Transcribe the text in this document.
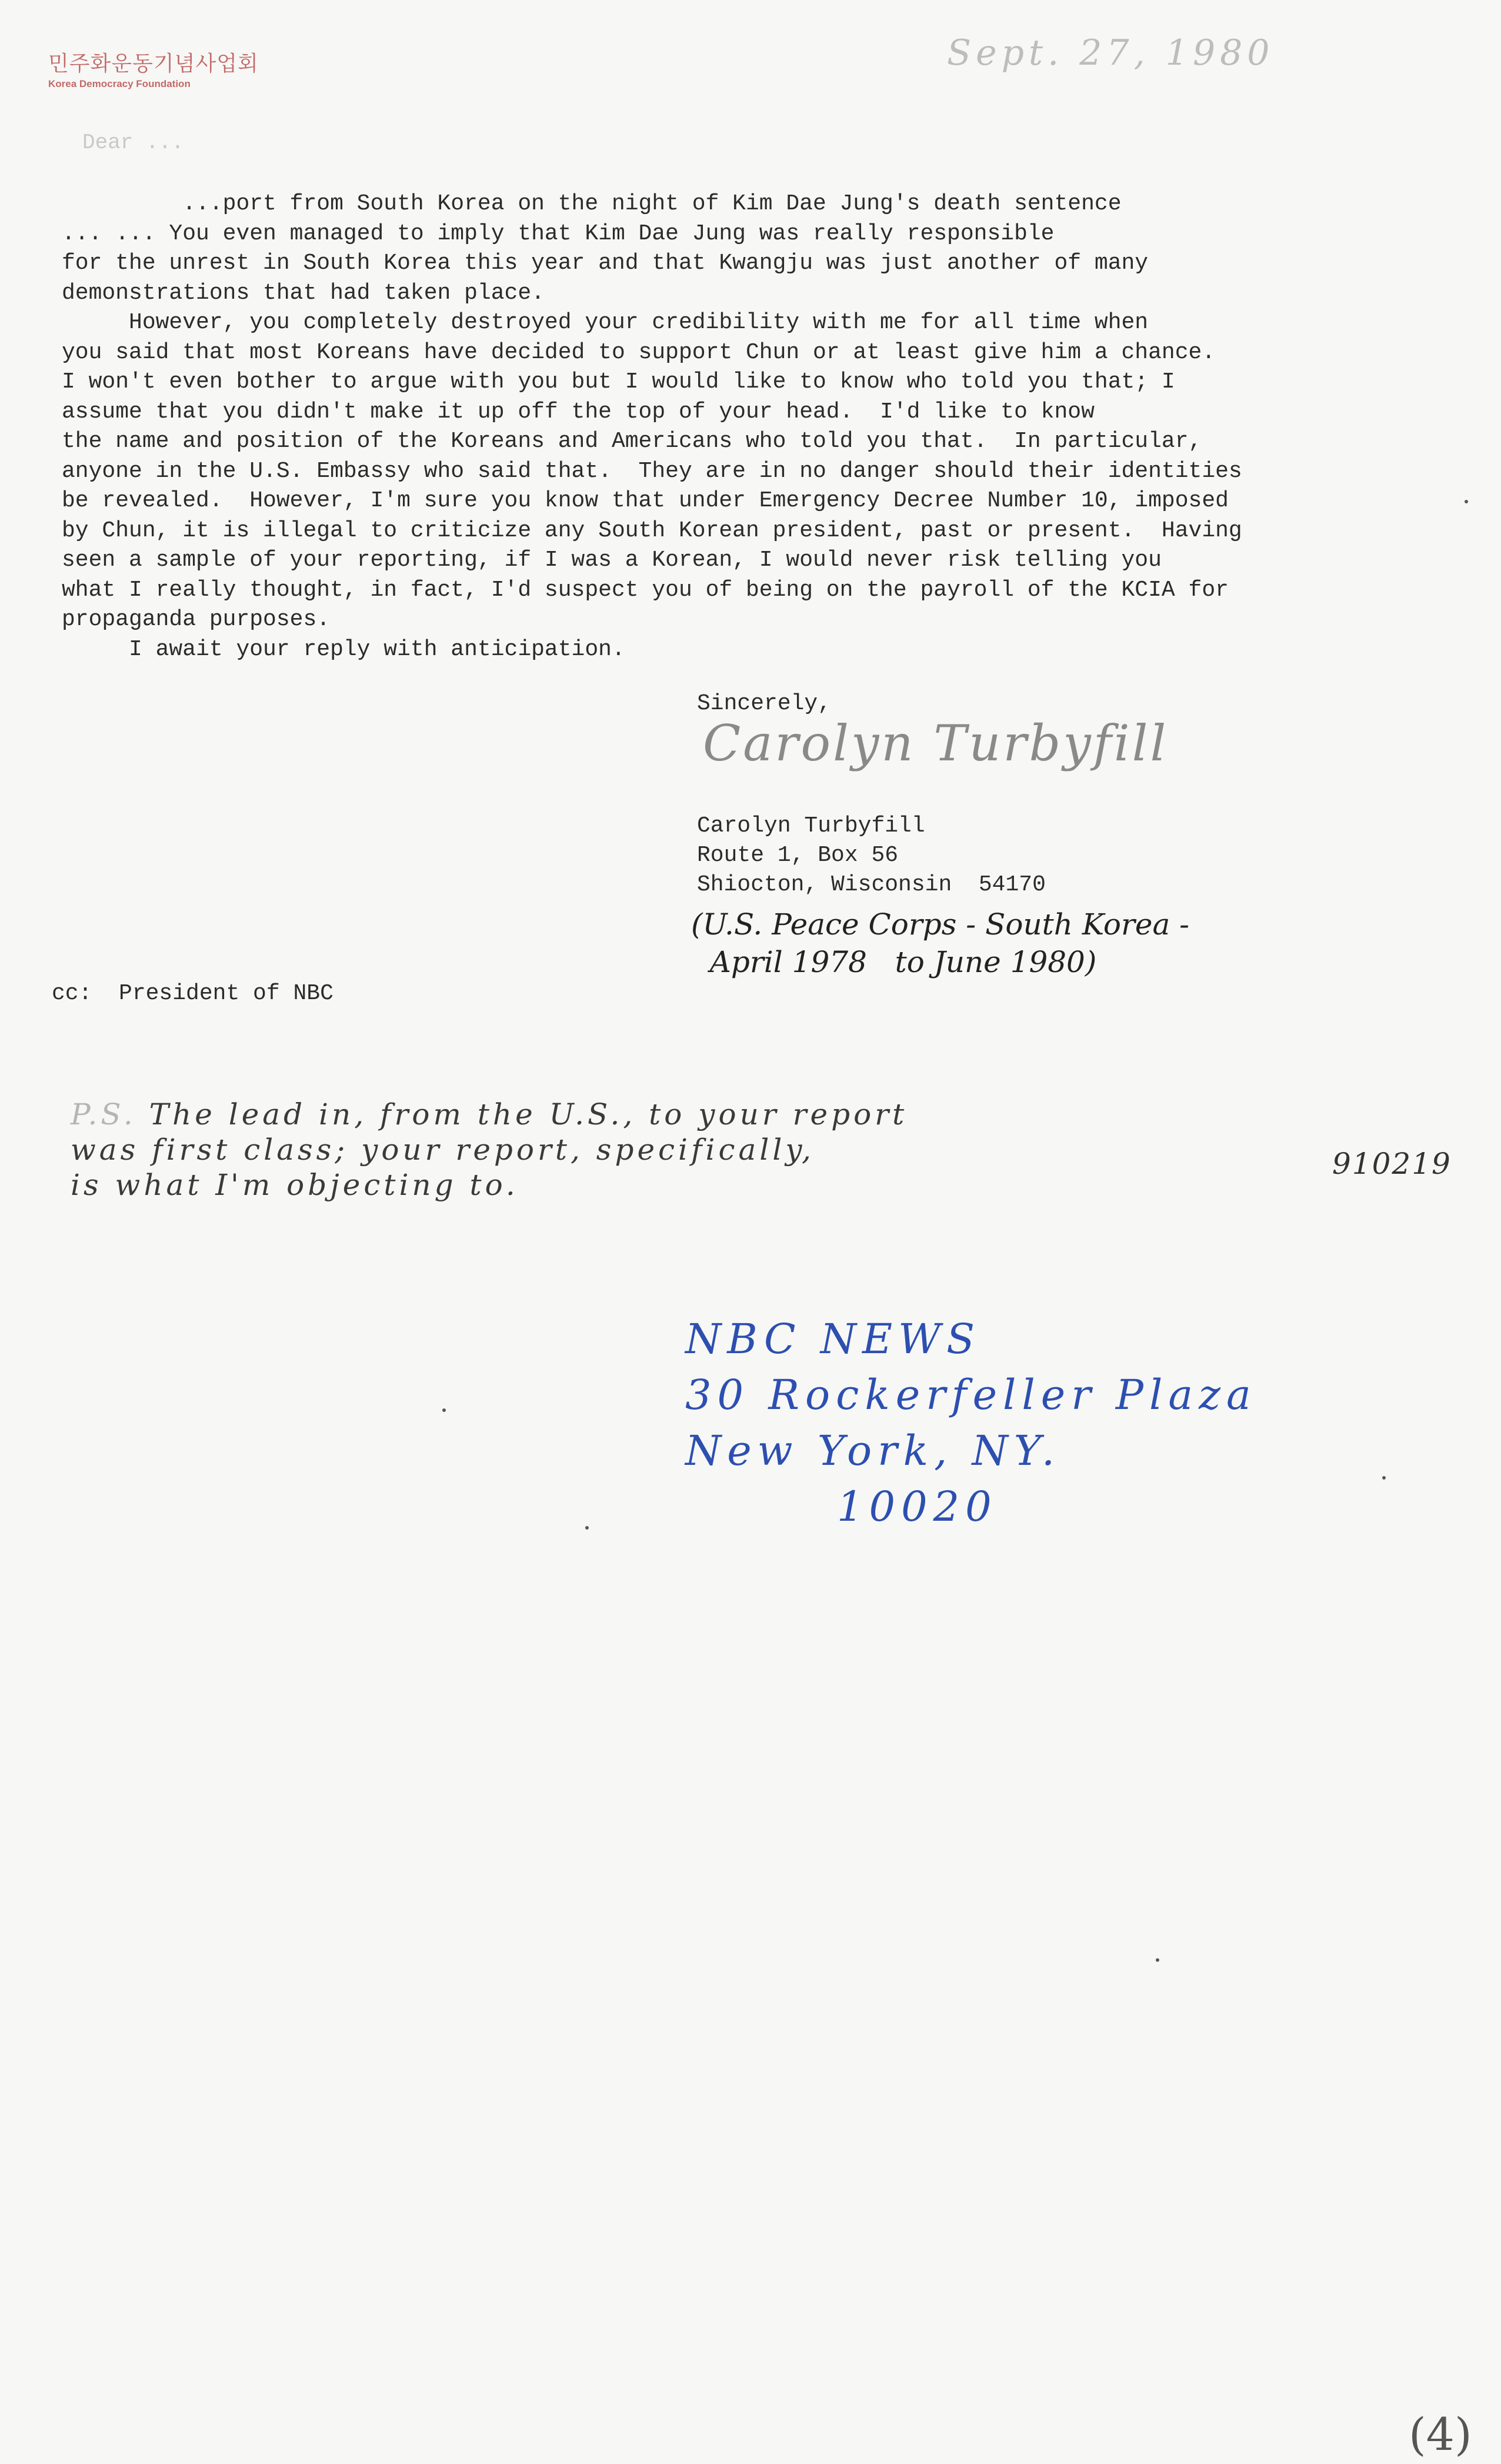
민주화운동기념사업회
Korea Democracy Foundation
Sept. 27, 1980
Dear ...
...port from South Korea on the night of Kim Dae Jung's death sentence
... ... You even managed to imply that Kim Dae Jung was really responsible
for the unrest in South Korea this year and that Kwangju was just another of many
demonstrations that had taken place.
However, you completely destroyed your credibility with me for all time when
you said that most Koreans have decided to support Chun or at least give him a chance.
I won't even bother to argue with you but I would like to know who told you that; I
assume that you didn't make it up off the top of your head.  I'd like to know
the name and position of the Koreans and Americans who told you that.  In particular,
anyone in the U.S. Embassy who said that.  They are in no danger should their identities
be revealed.  However, I'm sure you know that under Emergency Decree Number 10, imposed
by Chun, it is illegal to criticize any South Korean president, past or present.  Having
seen a sample of your reporting, if I was a Korean, I would never risk telling you
what I really thought, in fact, I'd suspect you of being on the payroll of the KCIA for
propaganda purposes.
I await your reply with anticipation.
Sincerely,
Carolyn Turbyfill
Carolyn Turbyfill
Route 1, Box 56
Shiocton, Wisconsin  54170
(U.S. Peace Corps - South Korea -
April 1978   to June 1980)
cc:  President of NBC
P.S. The lead in, from the U.S., to your report
was first class; your report, specifically,
is what I'm objecting to.
910219
NBC NEWS
30 Rockerfeller Plaza
New York, NY.
10020
(4)
